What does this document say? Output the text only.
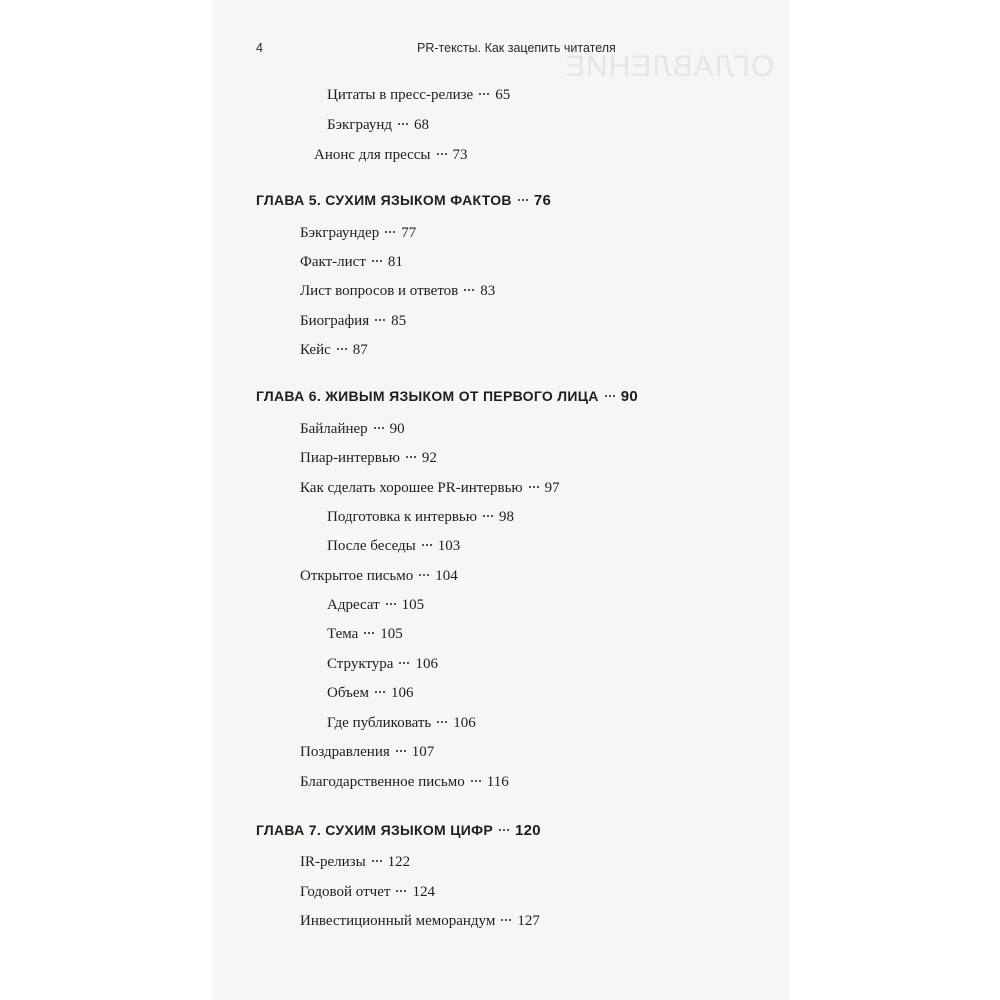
ОГЛАВЛЕНИЕ
4	PR-тексты. Как зацепить читателя
Цитаты в пресс-релизе 65
Бэкграунд 68
Анонс для прессы 73
ГЛАВА 5. СУХИМ ЯЗЫКОМ ФАКТОВ 76
Бэкграундер 77
Факт-лист 81
Лист вопросов и ответов 83
Биография 85
Кейс 87
ГЛАВА 6. ЖИВЫМ ЯЗЫКОМ ОТ ПЕРВОГО ЛИЦА 90
Байлайнер 90
Пиар-интервью 92
Как сделать хорошее PR-интервью 97
Подготовка к интервью 98
После беседы 103
Открытое письмо 104
Адресат 105
Тема 105
Структура 106
Объем 106
Где публиковать 106
Поздравления 107
Благодарственное письмо 116
ГЛАВА 7. СУХИМ ЯЗЫКОМ ЦИФР 120
IR-релизы 122
Годовой отчет 124
Инвестиционный меморандум 127
